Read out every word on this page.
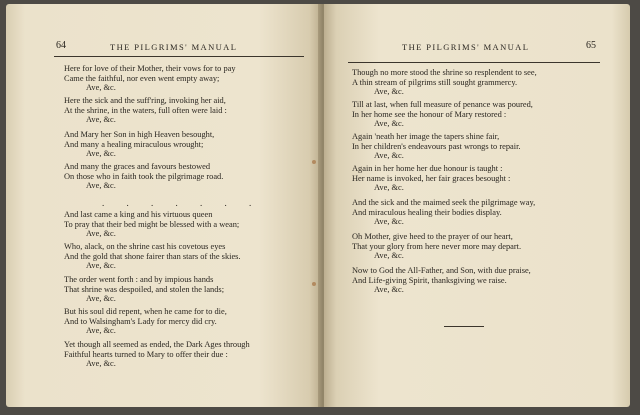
64	THE PILGRIMS' MANUAL
Here for love of their Mother, their vows for to pay
Came the faithful, nor even went empty away;
Ave, &c.
Here the sick and the suff'ring, invoking her aid,
At the shrine, in the waters, full often were laid :
Ave, &c.
And Mary her Son in high Heaven besought,
And many a healing miraculous wrought;
Ave, &c.
And many the graces and favours bestowed
On those who in faith took the pilgrimage road.
Ave, &c.
And last came a king and his virtuous queen
To pray that their bed might be blessed with a wean;
Ave, &c.
Who, alack, on the shrine cast his covetous eyes
And the gold that shone fairer than stars of the skies.
Ave, &c.
The order went forth : and by impious hands
That shrine was despoiled, and stolen the lands;
Ave, &c.
But his soul did repent, when he came for to die,
And to Walsingham's Lady for mercy did cry.
Ave, &c.
Yet though all seemed as ended, the Dark Ages through
Faithful hearts turned to Mary to offer their due :
Ave, &c.
. . . . . . .
THE PILGRIMS' MANUAL	65
Though no more stood the shrine so resplendent to see,
A thin stream of pilgrims still sought grammercy.
Ave, &c.
Till at last, when full measure of penance was poured,
In her home see the honour of Mary restored :
Ave, &c.
Again 'neath her image the tapers shine fair,
In her children's endeavours past wrongs to repair.
Ave, &c.
Again in her home her due honour is taught :
Her name is invoked, her fair graces besought :
Ave, &c.
And the sick and the maimed seek the pilgrimage way,
And miraculous healing their bodies display.
Ave, &c.
Oh Mother, give heed to the prayer of our heart,
That your glory from here never more may depart.
Ave, &c.
Now to God the All-Father, and Son, with due praise,
And Life-giving Spirit, thanksgiving we raise.
Ave, &c.
